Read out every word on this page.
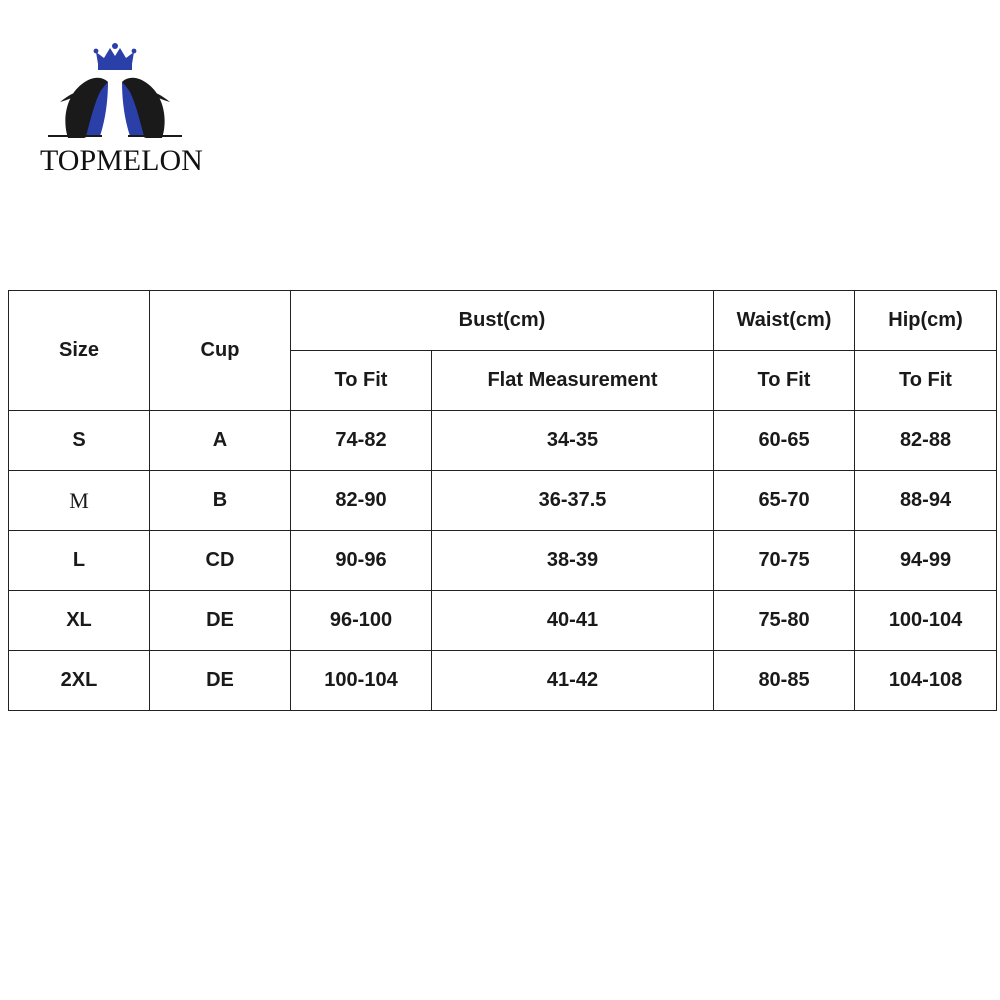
TOPMELON
Size	Cup	Bust(cm)		Waist(cm)	Hip(cm)
		To Fit	Flat Measurement	To Fit	To Fit
S	A	74-82	34-35	60-65	82-88
M	B	82-90	36-37.5	65-70	88-94
L	CD	90-96	38-39	70-75	94-99
XL	DE	96-100	40-41	75-80	100-104
2XL	DE	100-104	41-42	80-85	104-108
